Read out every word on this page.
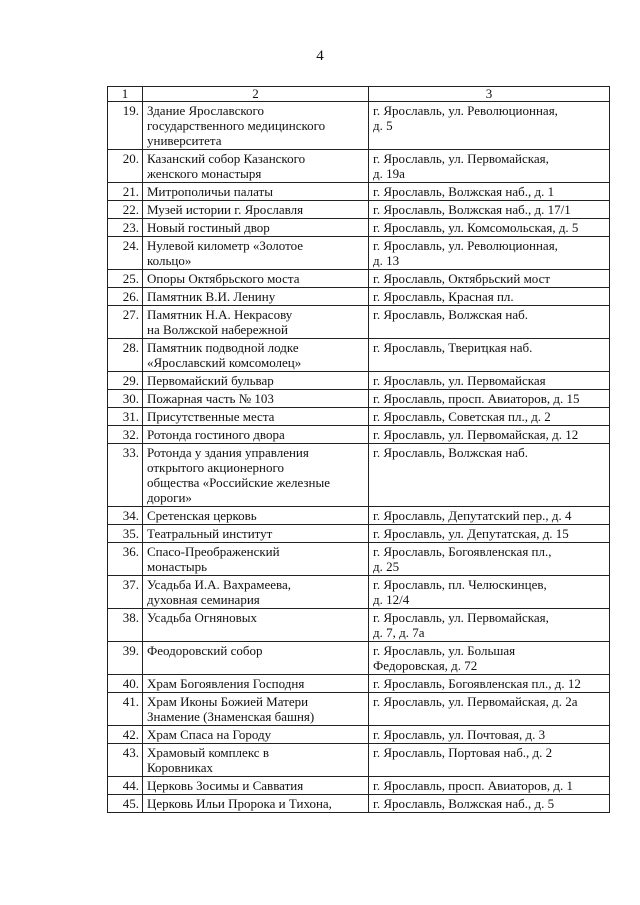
4
1	2	3
19.	Здание Ярославского
государственного медицинского
университета	г. Ярославль, ул. Революционная,
д. 5

20.	Казанский собор Казанского
женского монастыря	г. Ярославль, ул. Первомайская,
д. 19а

21.	Митрополичьи палаты	г. Ярославль, Волжская наб., д. 1

22.	Музей истории г. Ярославля	г. Ярославль, Волжская наб., д. 17/1

23.	Новый гостиный двор	г. Ярославль, ул. Комсомольская, д. 5

24.	Нулевой километр «Золотое
кольцо»	г. Ярославль, ул. Революционная,
д. 13

25.	Опоры Октябрьского моста	г. Ярославль, Октябрьский мост

26.	Памятник В.И. Ленину	г. Ярославль, Красная пл.

27.	Памятник Н.А. Некрасову
на Волжской набережной	г. Ярославль, Волжская наб.

28.	Памятник подводной лодке
«Ярославский комсомолец»	г. Ярославль, Твериҵкая наб.

29.	Первомайский бульвар	г. Ярославль, ул. Первомайская

30.	Пожарная часть № 103	г. Ярославль, просп. Авиаторов, д. 15

31.	Присутственные места	г. Ярославль, Советская пл., д. 2

32.	Ротонда гостиного двора	г. Ярославль, ул. Первомайская, д. 12

33.	Ротонда у здания управления
открытого акционерного
общества «Российские железные
дороги»	г. Ярославль, Волжская наб.

34.	Сретенская церковь	г. Ярославль, Депутатский пер., д. 4

35.	Театральный институт	г. Ярославль, ул. Депутатская, д. 15

36.	Спасо-Преображенский
монастырь	г. Ярославль, Богоявленская пл.,
д. 25

37.	Усадьба И.А. Вахрамеева,
духовная семинария	г. Ярославль, пл. Челюскинцев,
д. 12/4

38.	Усадьба Огняновых	г. Ярославль, ул. Первомайская,
д. 7, д. 7а

39.	Феодоровский собор	г. Ярославль, ул. Большая
Федоровская, д. 72

40.	Храм Богоявления Господня	г. Ярославль, Богоявленская пл., д. 12

41.	Храм Иконы Божией Матери
Знамение (Знаменская башня)	г. Ярославль, ул. Первомайская, д. 2а

42.	Храм Спаса на Городу	г. Ярославль, ул. Почтовая, д. 3

43.	Храмовый комплекс в
Коровниках	г. Ярославль, Портовая наб., д. 2

44.	Церковь Зосимы и Савватия	г. Ярославль, просп. Авиаторов, д. 1

45.	Церковь Ильи Пророка и Тихона,	г. Ярославль, Волжская наб., д. 5
